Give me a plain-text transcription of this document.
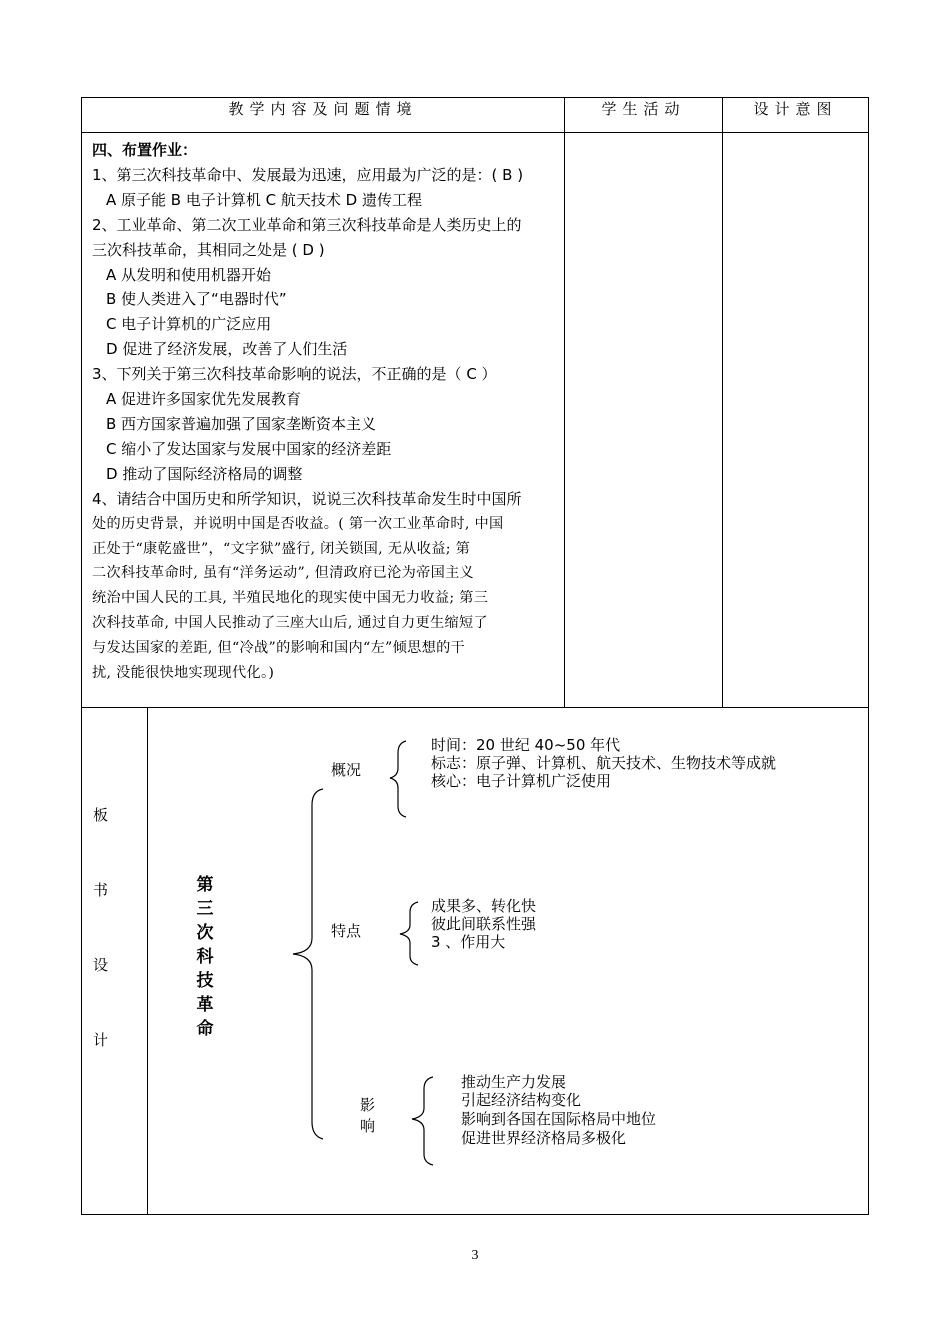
教学内容及问题情境	学生活动	设计意图
四、布置作业：
1、第三次科技革命中、发展最为迅速，应用最为广泛的是：( B )
A 原子能 B 电子计算机 C 航天技术 D 遗传工程
2、工业革命、第二次工业革命和第三次科技革命是人类历史上的
三次科技革命，其相同之处是 ( D )
A 从发明和使用机器开始
B 使人类进入了“电器时代”
C 电子计算机的广泛应用
D 促进了经济发展，改善了人们生活
3、下列关于第三次科技革命影响的说法，不正确的是（ C ）
A 促进许多国家优先发展教育
B 西方国家普遍加强了国家垄断资本主义
C 缩小了发达国家与发展中国家的经济差距
D 推动了国际经济格局的调整
4、请结合中国历史和所学知识，说说三次科技革命发生时中国所
处的历史背景，并说明中国是否收益。( 第一次工业革命时, 中国
正处于“康乾盛世”，“文字狱”盛行, 闭关锁国, 无从收益; 第
二次科技革命时, 虽有“洋务运动”, 但清政府已沦为帝国主义
统治中国人民的工具, 半殖民地化的现实使中国无力收益; 第三
次科技革命, 中国人民推动了三座大山后, 通过自力更生缩短了
与发达国家的差距, 但“冷战”的影响和国内“左”倾思想的干
扰, 没能很快地实现现代化。)
板
书
设
计
第三次科技革命
概况
时间：20 世纪 40~50 年代
标志：原子弹、计算机、航天技术、生物技术等成就
核心：电子计算机广泛使用
特点
成果多、转化快
彼此间联系性强
3 、作用大
影
响
推动生产力发展
引起经济结构变化
影响到各国在国际格局中地位
促进世界经济格局多极化
3
